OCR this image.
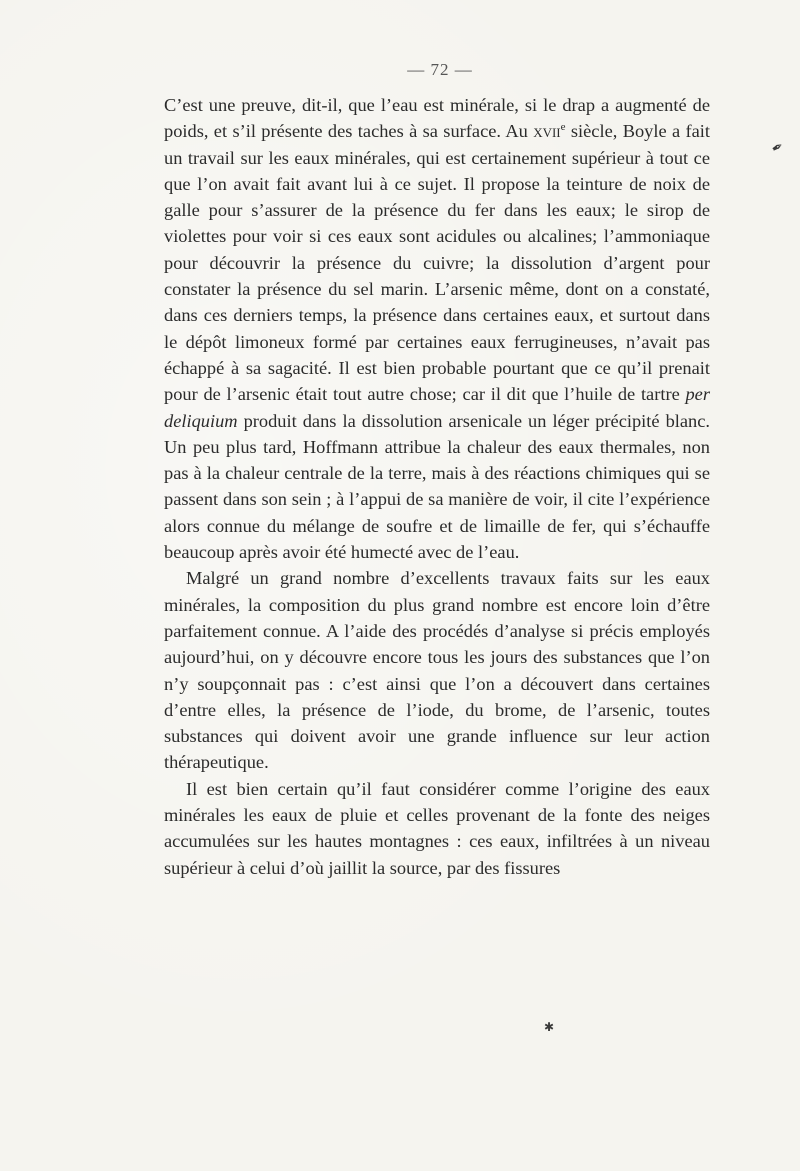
— 72 —

C’est une preuve, dit-il, que l’eau est minérale, si le drap a augmenté de poids, et s’il présente des taches à sa surface. Au xvii$^e$ siècle, Boyle a fait un travail sur les eaux minérales, qui est certainement supérieur à tout ce que l’on avait fait avant lui à ce sujet. Il propose la teinture de noix de galle pour s’assurer de la présence du fer dans les eaux; le sirop de violettes pour voir si ces eaux sont acidules ou alcalines; l’ammoniaque pour découvrir la présence du cuivre; la dissolution d’argent pour constater la présence du sel marin. L’arsenic même, dont on a constaté, dans ces derniers temps, la présence dans certaines eaux, et surtout dans le dépôt limoneux formé par certaines eaux ferrugineuses, n’avait pas échappé à sa sagacité. Il est bien probable pourtant que ce qu’il prenait pour de l’arsenic était tout autre chose; car il dit que l’huile de tartre per deliquium produit dans la dissolution arsenicale un léger précipité blanc. Un peu plus tard, Hoffmann attribue la chaleur des eaux thermales, non pas à la chaleur centrale de la terre, mais à des réactions chimiques qui se passent dans son sein ; à l’appui de sa manière de voir, il cite l’expérience alors connue du mélange de soufre et de limaille de fer, qui s’échauffe beaucoup après avoir été humecté avec de l’eau.

Malgré un grand nombre d’excellents travaux faits sur les eaux minérales, la composition du plus grand nombre est encore loin d’être parfaitement connue. A l’aide des procédés d’analyse si précis employés aujourd’hui, on y découvre encore tous les jours des substances que l’on n’y soupçonnait pas : c’est ainsi que l’on a découvert dans certaines d’entre elles, la présence de l’iode, du brome, de l’arsenic, toutes substances qui doivent avoir une grande influence sur leur action thérapeutique.

Il est bien certain qu’il faut considérer comme l’origine des eaux minérales les eaux de pluie et celles provenant de la fonte des neiges accumulées sur les hautes montagnes : ces eaux, infiltrées à un niveau supérieur à celui d’où jaillit la source, par des fissures

✒
✱
